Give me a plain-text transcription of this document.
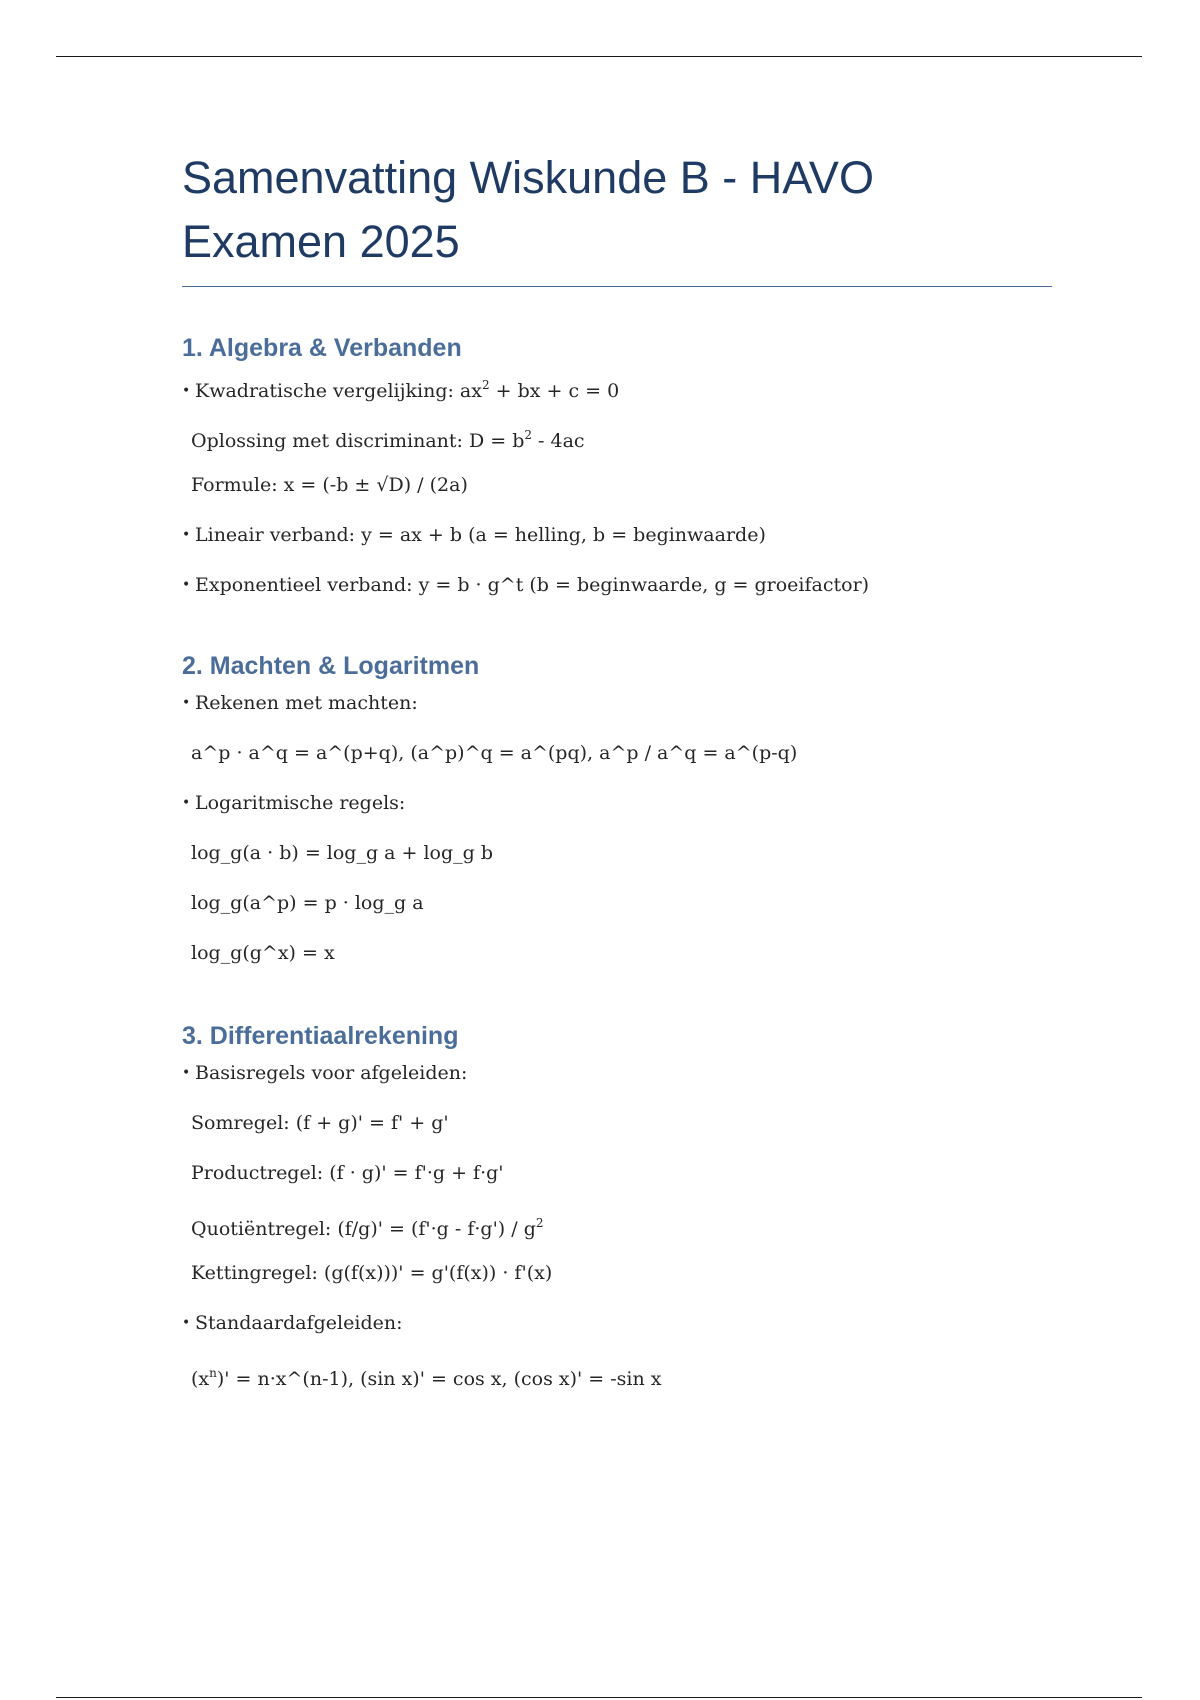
Samenvatting Wiskunde B - HAVO
Examen 2025
1. Algebra & Verbanden
• Kwadratische vergelijking: $ax^2$ + bx + c = 0
Oplossing met discriminant: $D = b^2 - 4ac$
Formule: x = (-b ± √D) / (2a)
• Lineair verband: y = ax + b (a = helling, b = beginwaarde)
• Exponentieel verband: y = b · g^t (b = beginwaarde, g = groeifactor)
2. Machten & Logaritmen
• Rekenen met machten:
a^p · a^q = a^(p+q), (a^p)^q = a^(pq), a^p / a^q = a^(p-q)
• Logaritmische regels:
log_g(a · b) = log_g a + log_g b
log_g(a^p) = p · log_g a
log_g(g^x) = x
3. Differentiaalrekening
• Basisregels voor afgeleiden:
Somregel: (f + g)' = f' + g'
Productregel: (f · g)' = f'·g + f·g'
Quotiëntregel: $(f/g)' = (f'\cdot g - f\cdot g') / g^2$
Kettingregel: (g(f(x)))' = g'(f(x)) · f'(x)
• Standaardafgeleiden:
$(x^n)'$ = n·x^(n-1), (sin x)' = cos x, (cos x)' = -sin x
